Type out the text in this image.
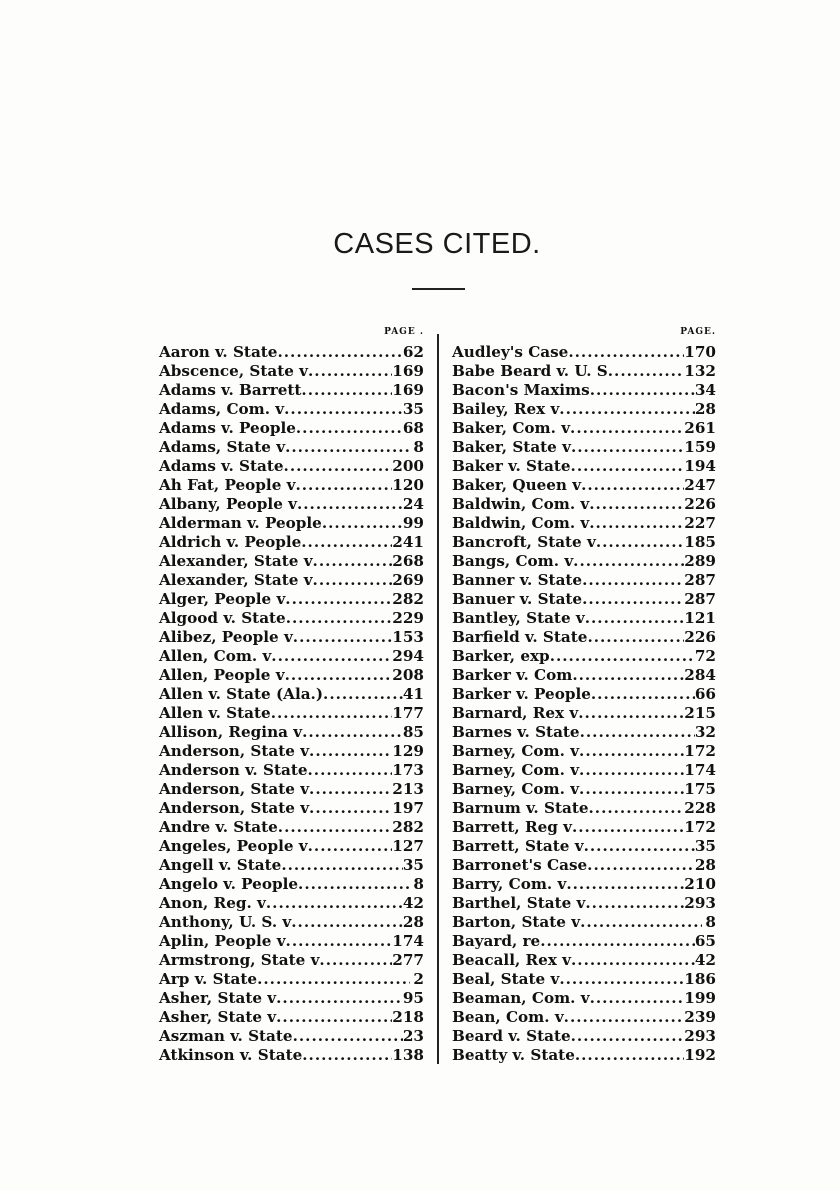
CASES CITED.
PAGE .
Aaron v. State .....	62
Abscence, State v .....	169
Adams v. Barrett .....	169
Adams, Com. v .....	35
Adams v. People .....	68
Adams, State v .....	8
Adams v. State .....	200
Ah Fat, People v .....	120
Albany, People v .....	24
Alderman v. People .....	99
Aldrich v. People .....	241
Alexander, State v .....	268
Alexander, State v .....	269
Alger, People v .....	282
Algood v. State .....	229
Alibez, People v .....	153
Allen, Com. v .....	294
Allen, People v .....	208
Allen v. State (Ala.) .....	41
Allen v. State .....	177
Allison, Regina v .....	85
Anderson, State v .....	129
Anderson v. State .....	173
Anderson, State v .....	213
Anderson, State v .....	197
Andre v. State .....	282
Angeles, People v .....	127
Angell v. State .....	35
Angelo v. People .....	8
Anon, Reg. v .....	42
Anthony, U. S. v .....	28
Aplin, People v .....	174
Armstrong, State v .....	277
Arp v. State .....	2
Asher, State v .....	95
Asher, State v .....	218
Aszman v. State .....	23
Atkinson v. State .....	138
PAGE.
Audley's Case .....	170
Babe Beard v. U. S .....	132
Bacon's Maxims .....	34
Bailey, Rex v .....	28
Baker, Com. v .....	261
Baker, State v .....	159
Baker v. State .....	194
Baker, Queen v .....	247
Baldwin, Com. v .....	226
Baldwin, Com. v .....	227
Bancroft, State v .....	185
Bangs, Com. v .....	289
Banner v. State .....	287
Banuer v. State .....	287
Bantley, State v .....	121
Barfield v. State .....	226
Barker, exp .....	72
Barker v. Com .....	284
Barker v. People .....	66
Barnard, Rex v .....	215
Barnes v. State .....	32
Barney, Com. v .....	172
Barney, Com. v .....	174
Barney, Com. v .....	175
Barnum v. State .....	228
Barrett, Reg v .....	172
Barrett, State v .....	35
Barronet's Case .....	28
Barry, Com. v .....	210
Barthel, State v .....	293
Barton, State v .....	8
Bayard, re .....	65
Beacall, Rex v .....	42
Beal, State v .....	186
Beaman, Com. v .....	199
Bean, Com. v .....	239
Beard v. State .....	293
Beatty v. State .....	192
